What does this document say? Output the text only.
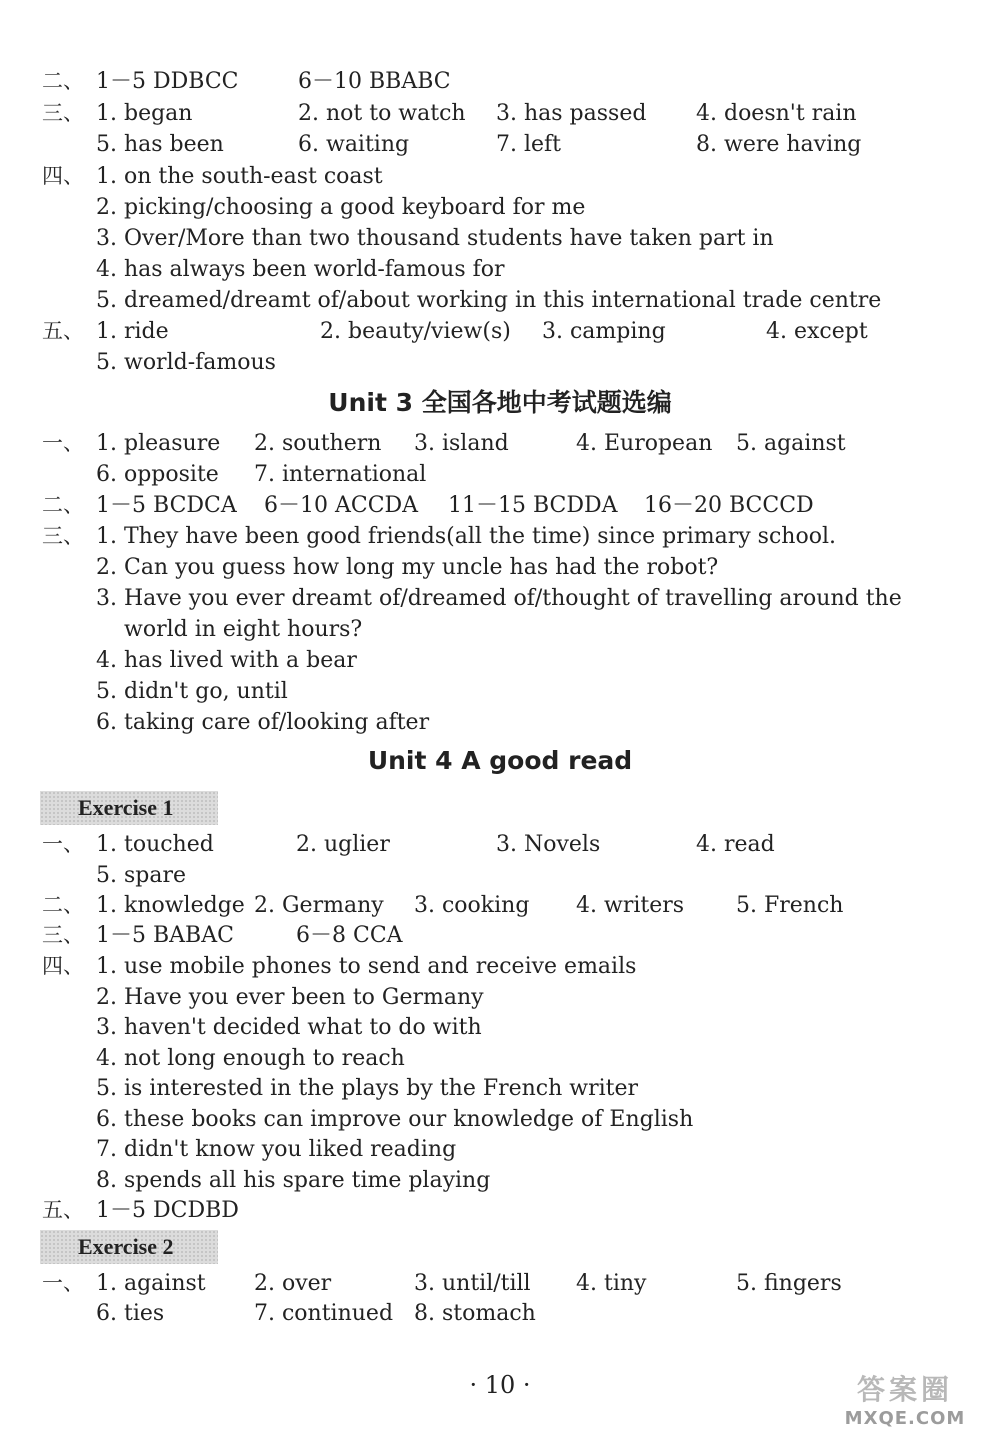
二、 1－5 DDBCC	6－10 BBABC
三、 1. began	2. not to watch 3. has passed 4. doesn't rain
5. has been	6. waiting	7. left	8. were having
四、 1. on the south-east coast
2. picking/choosing a good keyboard for me
3. Over/More than two thousand students have taken part in
4. has always been world-famous for
5. dreamed/dreamt of/about working in this international trade centre
五、 1. ride	2. beauty/view(s) 3. camping	4. except
5. world-famous
一、 1. pleasure 2. southern 3. island	4. European 5. against
6. opposite 7. international
二、 1－5 BCDCA 6－10 ACCDA 11－15 BCDDA 16－20 BCCCD
三、 1. They have been good friends(all the time) since primary school.
2. Can you guess how long my uncle has had the robot?
3. Have you ever dreamt of/dreamed of/thought of travelling around the
world in eight hours?
4. has lived with a bear
5. didn't go, until
6. taking care of/looking after
一、 1. touched	2. uglier	3. Novels	4. read
5. spare
二、 1. knowledge 2. Germany 3. cooking 4. writers 5. French
三、 1－5 BABAC	6－8 CCA
四、 1. use mobile phones to send and receive emails
2. Have you ever been to Germany
3. haven't decided what to do with
4. not long enough to reach
5. is interested in the plays by the French writer
6. these books can improve our knowledge of English
7. didn't know you liked reading
8. spends all his spare time playing
五、 1－5 DCDBD
一、 1. against 2. over	3. until/till 4. tiny	5. fingers
6. ties	7. continued 8. stomach
Unit 3 全国各地中考试题选编
Unit 4 A good read
Exercise 1
Exercise 2
· 10 ·	答案圈
MXQE.COM
